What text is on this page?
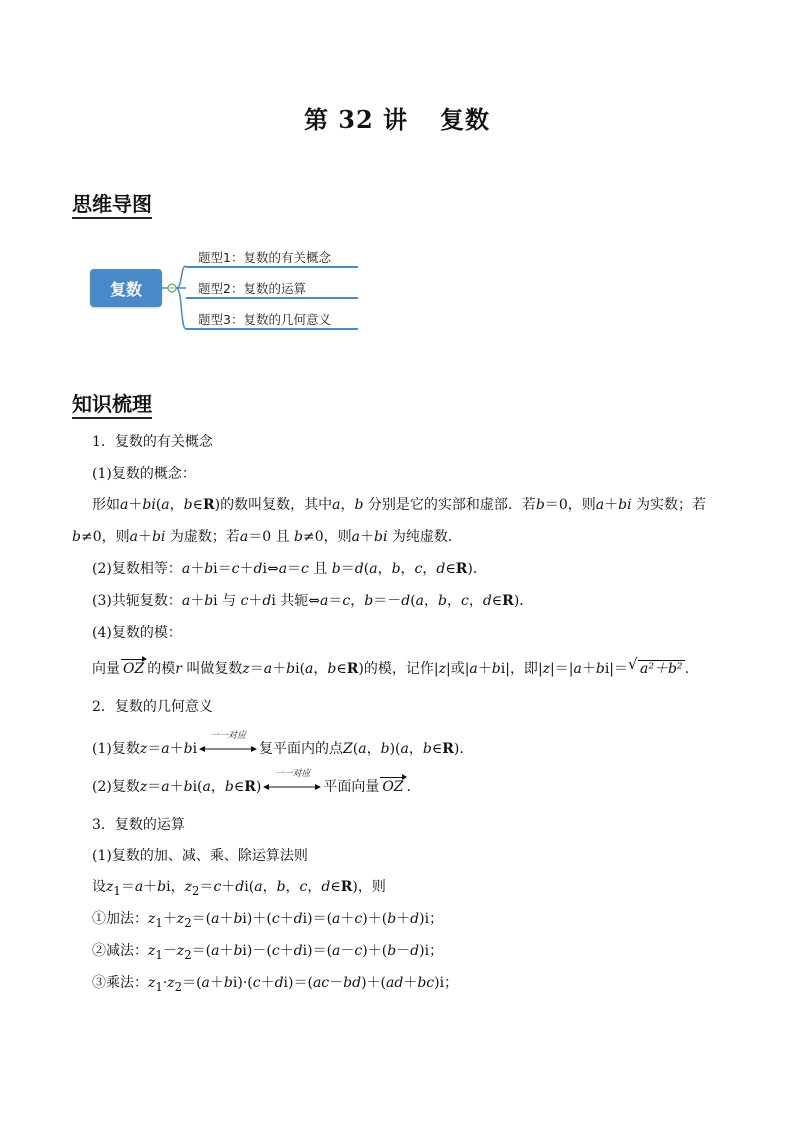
第 32 讲 复数
思维导图
复数
题型1：复数的有关概念
题型2：复数的运算
题型3：复数的几何意义
知识梳理
1．复数的有关概念
(1)复数的概念：
形如a＋bi(a，b∈R)的数叫复数，其中a，b 分别是它的实部和虚部．若b＝0，则a＋bi 为实数；若
b≠0，则a＋bi 为虚数；若a＝0 且 b≠0，则a＋bi 为纯虚数．
(2)复数相等：a＋bi＝c＋di⇔a＝c 且 b＝d(a，b，c，d∈R)．
(3)共轭复数：a＋bi 与 c＋di 共轭⇔a＝c，b＝－d(a，b，c，d∈R)．
(4)复数的模：
向量 OZ 的模r 叫做复数z＝a＋bi(a，b∈R)的模，记作|z|或|a＋bi|，即|z|＝|a＋bi|＝ √ a²＋b² .
2．复数的几何意义
(1)复数z＝a＋bi
一一对应
复平面内的点Z(a，b)(a，b∈R)．
(2)复数z＝a＋bi(a，b∈R)
一一对应
平面向量 OZ .
3．复数的运算
(1)复数的加、减、乘、除运算法则
设$z_1=a+bi$，$z_2=c+di(a$，b，c，d∈R)，则
①加法：$z_1+z_2=(a+bi)+(c+di)=(a+c)+(b+d)i$；
②减法：$z_1-z_2=(a+bi)-(c+di)=(a-c)+(b-d)i$；
③乘法：$z_1\cdot z_2=(a+bi)\cdot(c+di)=(ac-bd)+(ad+bc)i$；
